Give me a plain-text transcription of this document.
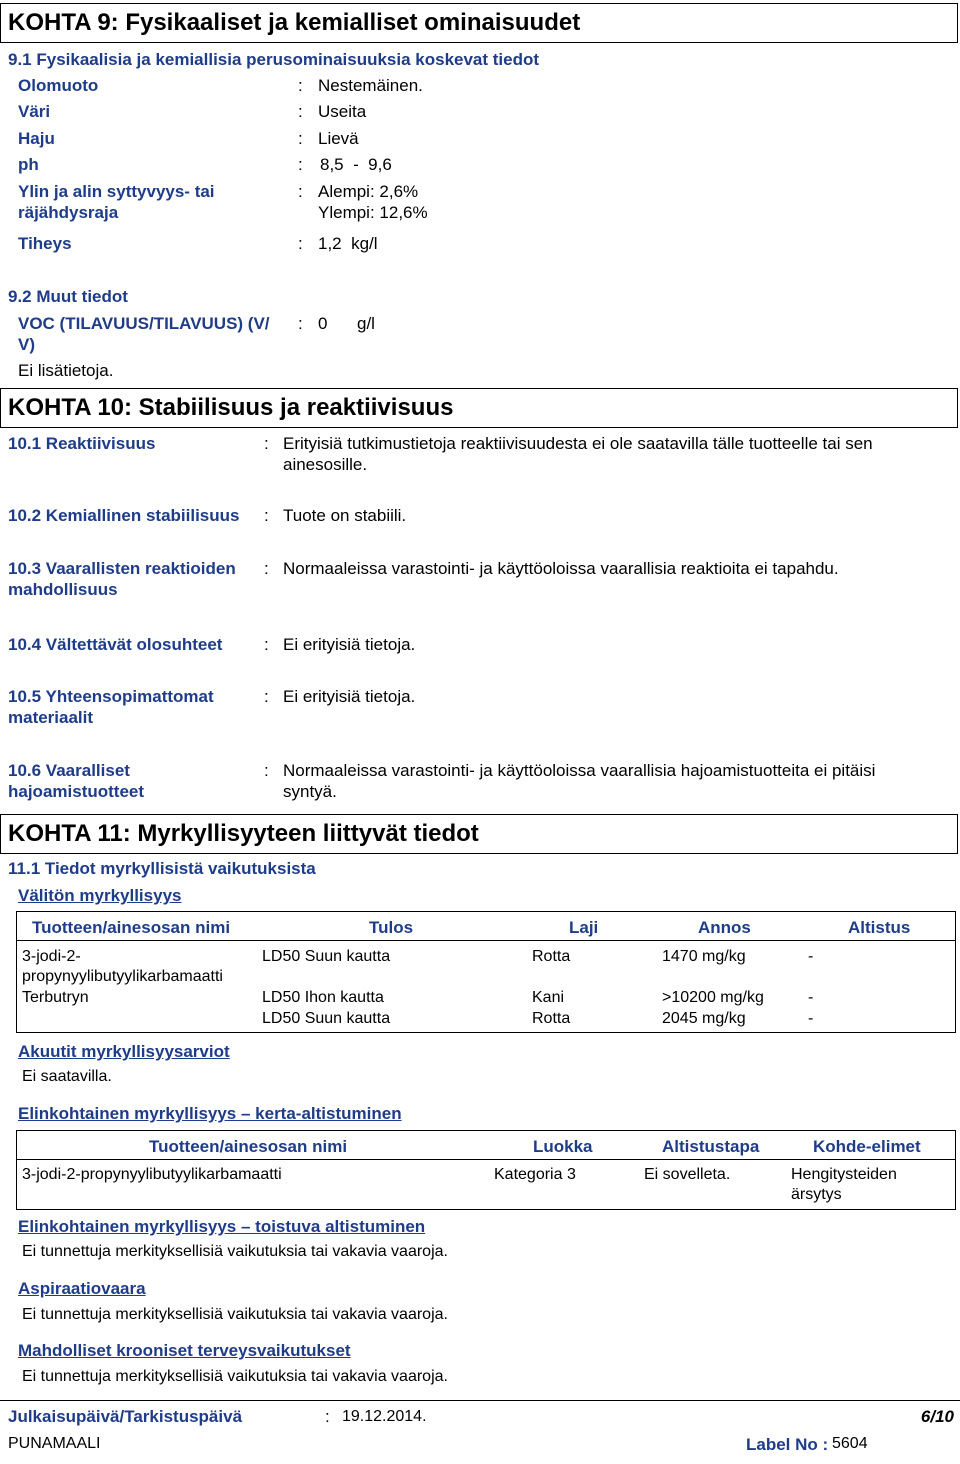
KOHTA 9: Fysikaaliset ja kemialliset ominaisuudet
9.1 Fysikaalisia ja kemiallisia perusominaisuuksia koskevat tiedot
Olomuoto	: Nestemäinen.
Väri	: Useita
Haju	: Lievä
ph	: 8,5  -  9,6
Ylin ja alin syttyvyys- tai räjähdysraja
: Alempi: 2,6%
Ylempi: 12,6%
Tiheys	: 1,2  kg/l
9.2 Muut tiedot
VOC (TILAVUUS/TILAVUUS) (V/ V)
: 0 g/l
Ei lisätietoja.
KOHTA 10: Stabiilisuus ja reaktiivisuus
10.1 Reaktiivisuus	: Erityisiä tutkimustietoja reaktiivisuudesta ei ole saatavilla tälle tuotteelle tai sen ainesosille.
10.2 Kemiallinen stabiilisuus : Tuote on stabiili.
10.3 Vaarallisten reaktioiden mahdollisuus
: Normaaleissa varastointi- ja käyttöoloissa vaarallisia reaktioita ei tapahdu.
10.4 Vältettävät olosuhteet : Ei erityisiä tietoja.
10.5 Yhteensopimattomat materiaalit
: Ei erityisiä tietoja.
10.6 Vaaralliset hajoamistuotteet
: Normaaleissa varastointi- ja käyttöoloissa vaarallisia hajoamistuotteita ei pitäisi syntyä.
KOHTA 11: Myrkyllisyyteen liittyvät tiedot
11.1 Tiedot myrkyllisistä vaikutuksista
Välitön myrkyllisyys
Tuotteen/ainesosan nimi	Tulos	Laji	Annos	Altistus
3-jodi-2-propynyylibutyylikarbamaatti
LD50 Suun kautta	Rotta	1470 mg/kg	-
Terbutryn	LD50 Ihon kautta	Kani	>10200 mg/kg	-
LD50 Suun kautta	Rotta	2045 mg/kg	-
Akuutit myrkyllisyysarviot
Ei saatavilla.
Elinkohtainen myrkyllisyys – kerta-altistuminen
Tuotteen/ainesosan nimi	Luokka	Altistustapa	Kohde-elimet
3-jodi-2-propynyylibutyylikarbamaatti	Kategoria 3	Ei sovelleta.	Hengitysteiden ärsytys
Elinkohtainen myrkyllisyys – toistuva altistuminen
Ei tunnettuja merkityksellisiä vaikutuksia tai vakavia vaaroja.
Aspiraatiovaara
Ei tunnettuja merkityksellisiä vaikutuksia tai vakavia vaaroja.
Mahdolliset krooniset terveysvaikutukset
Ei tunnettuja merkityksellisiä vaikutuksia tai vakavia vaaroja.
Julkaisupäivä/Tarkistuspäivä	: 19.12.2014.	6/10
PUNAMAALI	Label No : 5604
